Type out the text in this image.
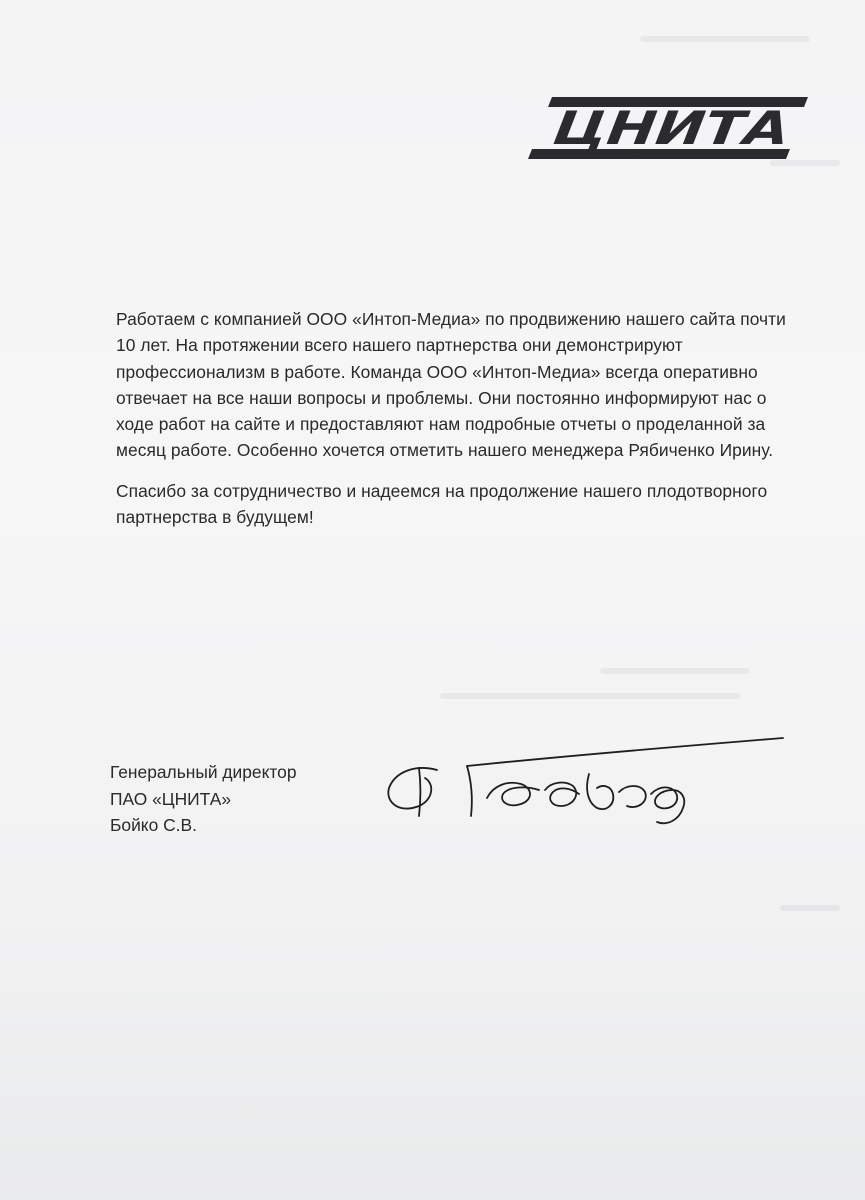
ЦНИТА

Работаем с компанией ООО «Интоп-Медиа» по продвижению нашего сайта почти 10 лет. На протяжении всего нашего партнерства они демонстрируют профессионализм в работе. Команда ООО «Интоп-Медиа» всегда оперативно отвечает на все наши вопросы и проблемы. Они постоянно информируют нас о ходе работ на сайте и предоставляют нам подробные отчеты о проделанной за месяц работе. Особенно хочется отметить нашего менеджера Рябиченко Ирину.

Спасибо за сотрудничество и надеемся на продолжение нашего плодотворного партнерства в будущем!

Генеральный директор
ПАО «ЦНИТА»
Бойко С.В.
